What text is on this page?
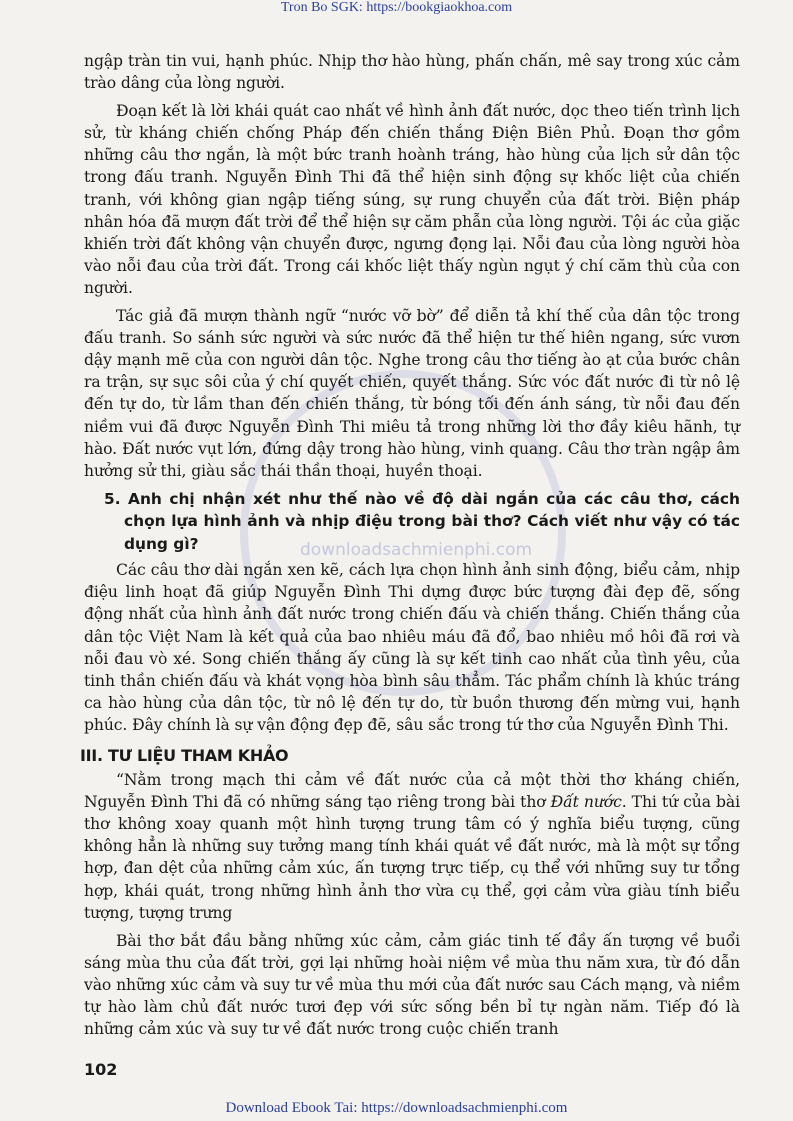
Tron Bo SGK: https://bookgiaokhoa.com
downloadsachmienphi.com

ngập tràn tin vui, hạnh phúc. Nhịp thơ hào hùng, phấn chấn, mê say trong xúc cảm trào dâng của lòng người.

Đoạn kết là lời khái quát cao nhất về hình ảnh đất nước, dọc theo tiến trình lịch sử, từ kháng chiến chống Pháp đến chiến thắng Điện Biên Phủ. Đoạn thơ gồm những câu thơ ngắn, là một bức tranh hoành tráng, hào hùng của lịch sử dân tộc trong đấu tranh. Nguyễn Đình Thi đã thể hiện sinh động sự khốc liệt của chiến tranh, với không gian ngập tiếng súng, sự rung chuyển của đất trời. Biện pháp nhân hóa đã mượn đất trời để thể hiện sự căm phẫn của lòng người. Tội ác của giặc khiến trời đất không vận chuyển được, ngưng đọng lại. Nỗi đau của lòng người hòa vào nỗi đau của trời đất. Trong cái khốc liệt thấy ngùn ngụt ý chí căm thù của con người.

Tác giả đã mượn thành ngữ “nước vỡ bờ” để diễn tả khí thế của dân tộc trong đấu tranh. So sánh sức người và sức nước đã thể hiện tư thế hiên ngang, sức vươn dậy mạnh mẽ của con người dân tộc. Nghe trong câu thơ tiếng ào ạt của bước chân ra trận, sự sục sôi của ý chí quyết chiến, quyết thắng. Sức vóc đất nước đi từ nô lệ đến tự do, từ lầm than đến chiến thắng, từ bóng tối đến ánh sáng, từ nỗi đau đến niềm vui đã được Nguyễn Đình Thi miêu tả trong những lời thơ đầy kiêu hãnh, tự hào. Đất nước vụt lớn, đứng dậy trong hào hùng, vinh quang. Câu thơ tràn ngập âm hưởng sử thi, giàu sắc thái thần thoại, huyền thoại.

5. Anh chị nhận xét như thế nào về độ dài ngắn của các câu thơ, cách chọn lựa hình ảnh và nhịp điệu trong bài thơ? Cách viết như vậy có tác dụng gì?

Các câu thơ dài ngắn xen kẽ, cách lựa chọn hình ảnh sinh động, biểu cảm, nhịp điệu linh hoạt đã giúp Nguyễn Đình Thi dựng được bức tượng đài đẹp đẽ, sống động nhất của hình ảnh đất nước trong chiến đấu và chiến thắng. Chiến thắng của dân tộc Việt Nam là kết quả của bao nhiêu máu đã đổ, bao nhiêu mồ hôi đã rơi và nỗi đau vò xé. Song chiến thắng ấy cũng là sự kết tinh cao nhất của tình yêu, của tinh thần chiến đấu và khát vọng hòa bình sâu thẳm. Tác phẩm chính là khúc tráng ca hào hùng của dân tộc, từ nô lệ đến tự do, từ buồn thương đến mừng vui, hạnh phúc. Đây chính là sự vận động đẹp đẽ, sâu sắc trong tứ thơ của Nguyễn Đình Thi.

III. TƯ LIỆU THAM KHẢO

“Nằm trong mạch thi cảm về đất nước của cả một thời thơ kháng chiến, Nguyễn Đình Thi đã có những sáng tạo riêng trong bài thơ Đất nước. Thi tứ của bài thơ không xoay quanh một hình tượng trung tâm có ý nghĩa biểu tượng, cũng không hẳn là những suy tưởng mang tính khái quát về đất nước, mà là một sự tổng hợp, đan dệt của những cảm xúc, ấn tượng trực tiếp, cụ thể với những suy tư tổng hợp, khái quát, trong những hình ảnh thơ vừa cụ thể, gợi cảm vừa giàu tính biểu tượng, tượng trưng

Bài thơ bắt đầu bằng những xúc cảm, cảm giác tinh tế đầy ấn tượng về buổi sáng mùa thu của đất trời, gợi lại những hoài niệm về mùa thu năm xưa, từ đó dẫn vào những xúc cảm và suy tư về mùa thu mới của đất nước sau Cách mạng, và niềm tự hào làm chủ đất nước tươi đẹp với sức sống bền bỉ tự ngàn năm. Tiếp đó là những cảm xúc và suy tư về đất nước trong cuộc chiến tranh

102
Download Ebook Tai: https://downloadsachmienphi.com
